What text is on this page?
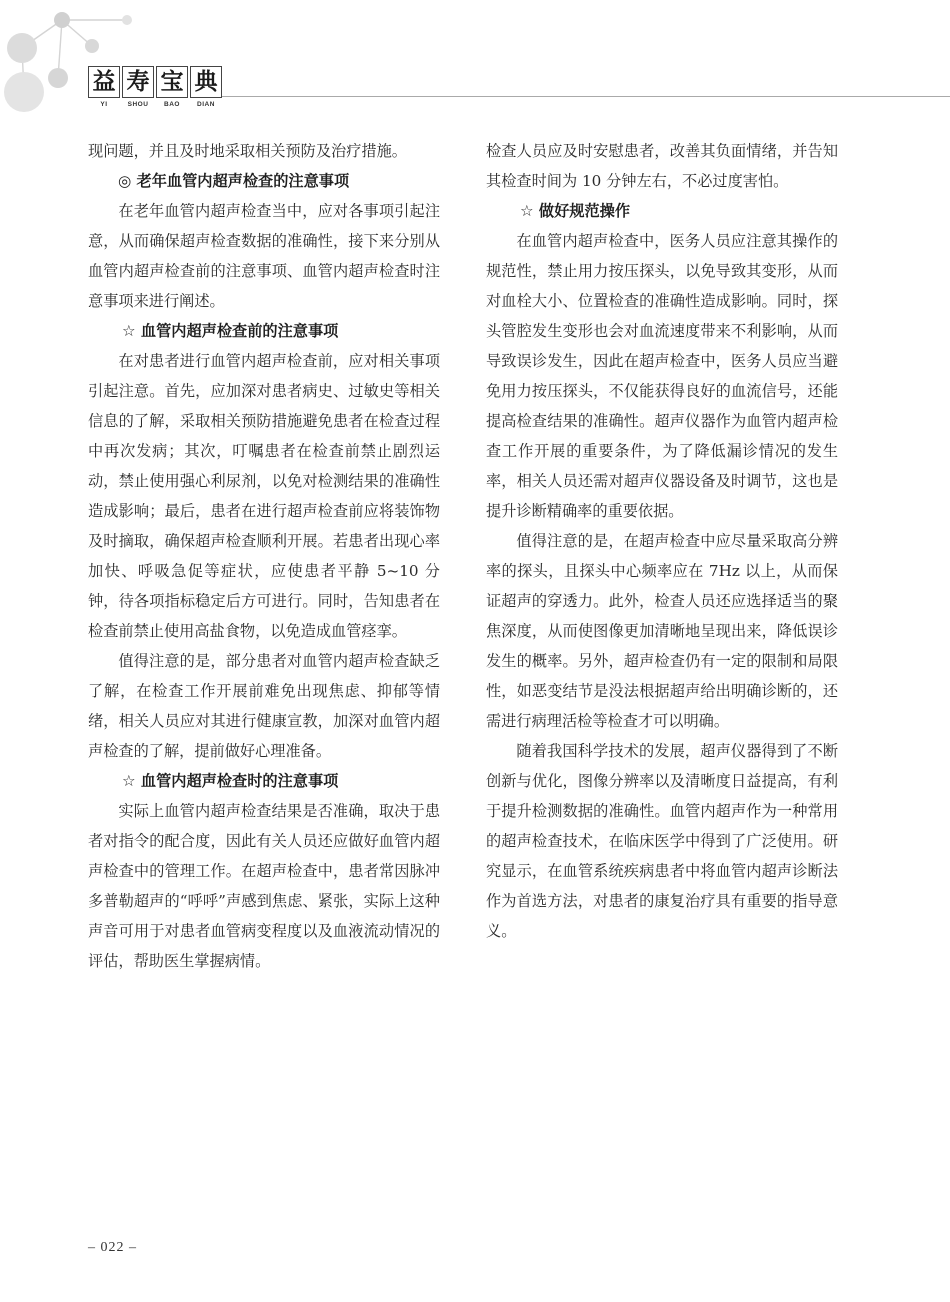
益 寿 宝 典
YI	SHOU	BAO	DIAN

现问题，并且及时地采取相关预防及治疗措施。

◎ 老年血管内超声检查的注意事项

在老年血管内超声检查当中，应对各事项引起注意，从而确保超声检查数据的准确性，接下来分别从血管内超声检查前的注意事项、血管内超声检查时注意事项来进行阐述。

☆ 血管内超声检查前的注意事项

在对患者进行血管内超声检查前，应对相关事项引起注意。首先，应加深对患者病史、过敏史等相关信息的了解，采取相关预防措施避免患者在检查过程中再次发病；其次，叮嘱患者在检查前禁止剧烈运动，禁止使用强心利尿剂，以免对检测结果的准确性造成影响；最后，患者在进行超声检查前应将装饰物及时摘取，确保超声检查顺利开展。若患者出现心率加快、呼吸急促等症状，应使患者平静 5~10 分钟，待各项指标稳定后方可进行。同时，告知患者在检查前禁止使用高盐食物，以免造成血管痉挛。

值得注意的是，部分患者对血管内超声检查缺乏了解，在检查工作开展前难免出现焦虑、抑郁等情绪，相关人员应对其进行健康宣教，加深对血管内超声检查的了解，提前做好心理准备。

☆ 血管内超声检查时的注意事项

实际上血管内超声检查结果是否准确，取决于患者对指令的配合度，因此有关人员还应做好血管内超声检查中的管理工作。在超声检查中，患者常因脉冲多普勒超声的“呼呼”声感到焦虑、紧张，实际上这种声音可用于对患者血管病变程度以及血液流动情况的评估，帮助医生掌握病情。

检查人员应及时安慰患者，改善其负面情绪，并告知其检查时间为 10 分钟左右，不必过度害怕。

☆ 做好规范操作

在血管内超声检查中，医务人员应注意其操作的规范性，禁止用力按压探头，以免导致其变形，从而对血栓大小、位置检查的准确性造成影响。同时，探头管腔发生变形也会对血流速度带来不利影响，从而导致误诊发生，因此在超声检查中，医务人员应当避免用力按压探头，不仅能获得良好的血流信号，还能提高检查结果的准确性。超声仪器作为血管内超声检查工作开展的重要条件，为了降低漏诊情况的发生率，相关人员还需对超声仪器设备及时调节，这也是提升诊断精确率的重要依据。

值得注意的是，在超声检查中应尽量采取高分辨率的探头，且探头中心频率应在 7Hz 以上，从而保证超声的穿透力。此外，检查人员还应选择适当的聚焦深度，从而使图像更加清晰地呈现出来，降低误诊发生的概率。另外，超声检查仍有一定的限制和局限性，如恶变结节是没法根据超声给出明确诊断的，还需进行病理活检等检查才可以明确。

随着我国科学技术的发展，超声仪器得到了不断创新与优化，图像分辨率以及清晰度日益提高，有利于提升检测数据的准确性。血管内超声作为一种常用的超声检查技术，在临床医学中得到了广泛使用。研究显示，在血管系统疾病患者中将血管内超声诊断法作为首选方法，对患者的康复治疗具有重要的指导意义。

– 022 –
